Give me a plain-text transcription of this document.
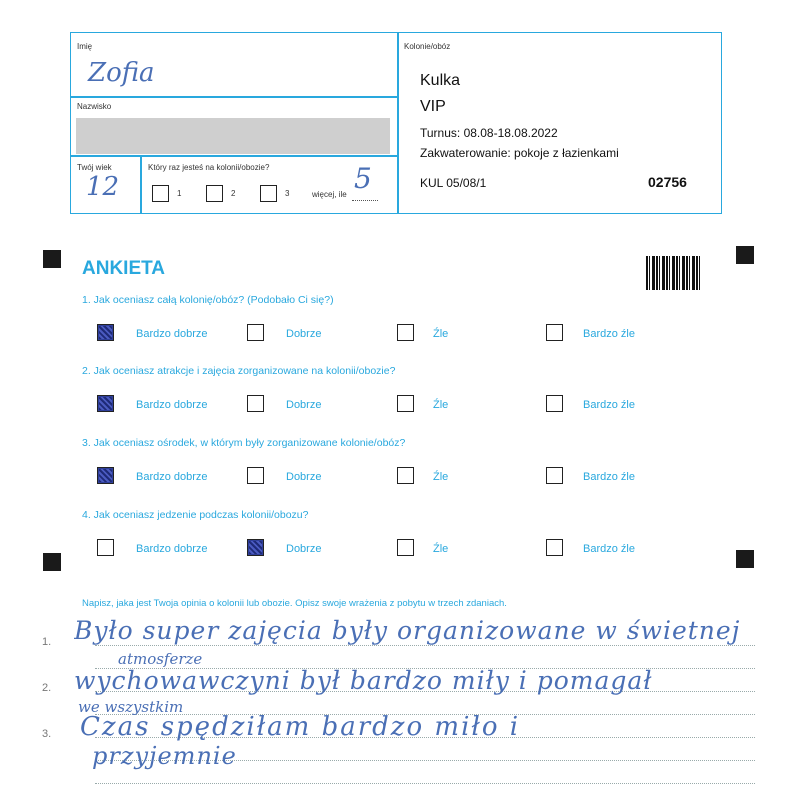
Imię
Zofia
Nazwisko
Twój wiek
12
Który raz jesteś na kolonii/obozie?
1	2	3	więcej, ile 5
Kolonie/obóz
Kulka
VIP
Turnus: 08.08-18.08.2022
Zakwaterowanie: pokoje z łazienkami
KUL 05/08/1	02756
ANKIETA
1. Jak oceniasz całą kolonię/obóz? (Podobało Ci się?)
Bardzo dobrze	Dobrze	Źle	Bardzo źle
2. Jak oceniasz atrakcje i zajęcia zorganizowane na kolonii/obozie?
Bardzo dobrze	Dobrze	Źle	Bardzo źle
3. Jak oceniasz ośrodek, w którym były zorganizowane kolonie/obóz?
Bardzo dobrze	Dobrze	Źle	Bardzo źle
4. Jak oceniasz jedzenie podczas kolonii/obozu?
Bardzo dobrze	Dobrze	Źle	Bardzo źle
Napisz, jaka jest Twoja opinia o kolonii lub obozie. Opisz swoje wrażenia z pobytu w trzech zdaniach.
1.
2.
3.
Było super zajęcia były organizowane w świetnej
atmosferze
wychowawczyni był bardzo miły i pomagał
we wszystkim
Czas spędziłam bardzo miło i
przyjemnie
